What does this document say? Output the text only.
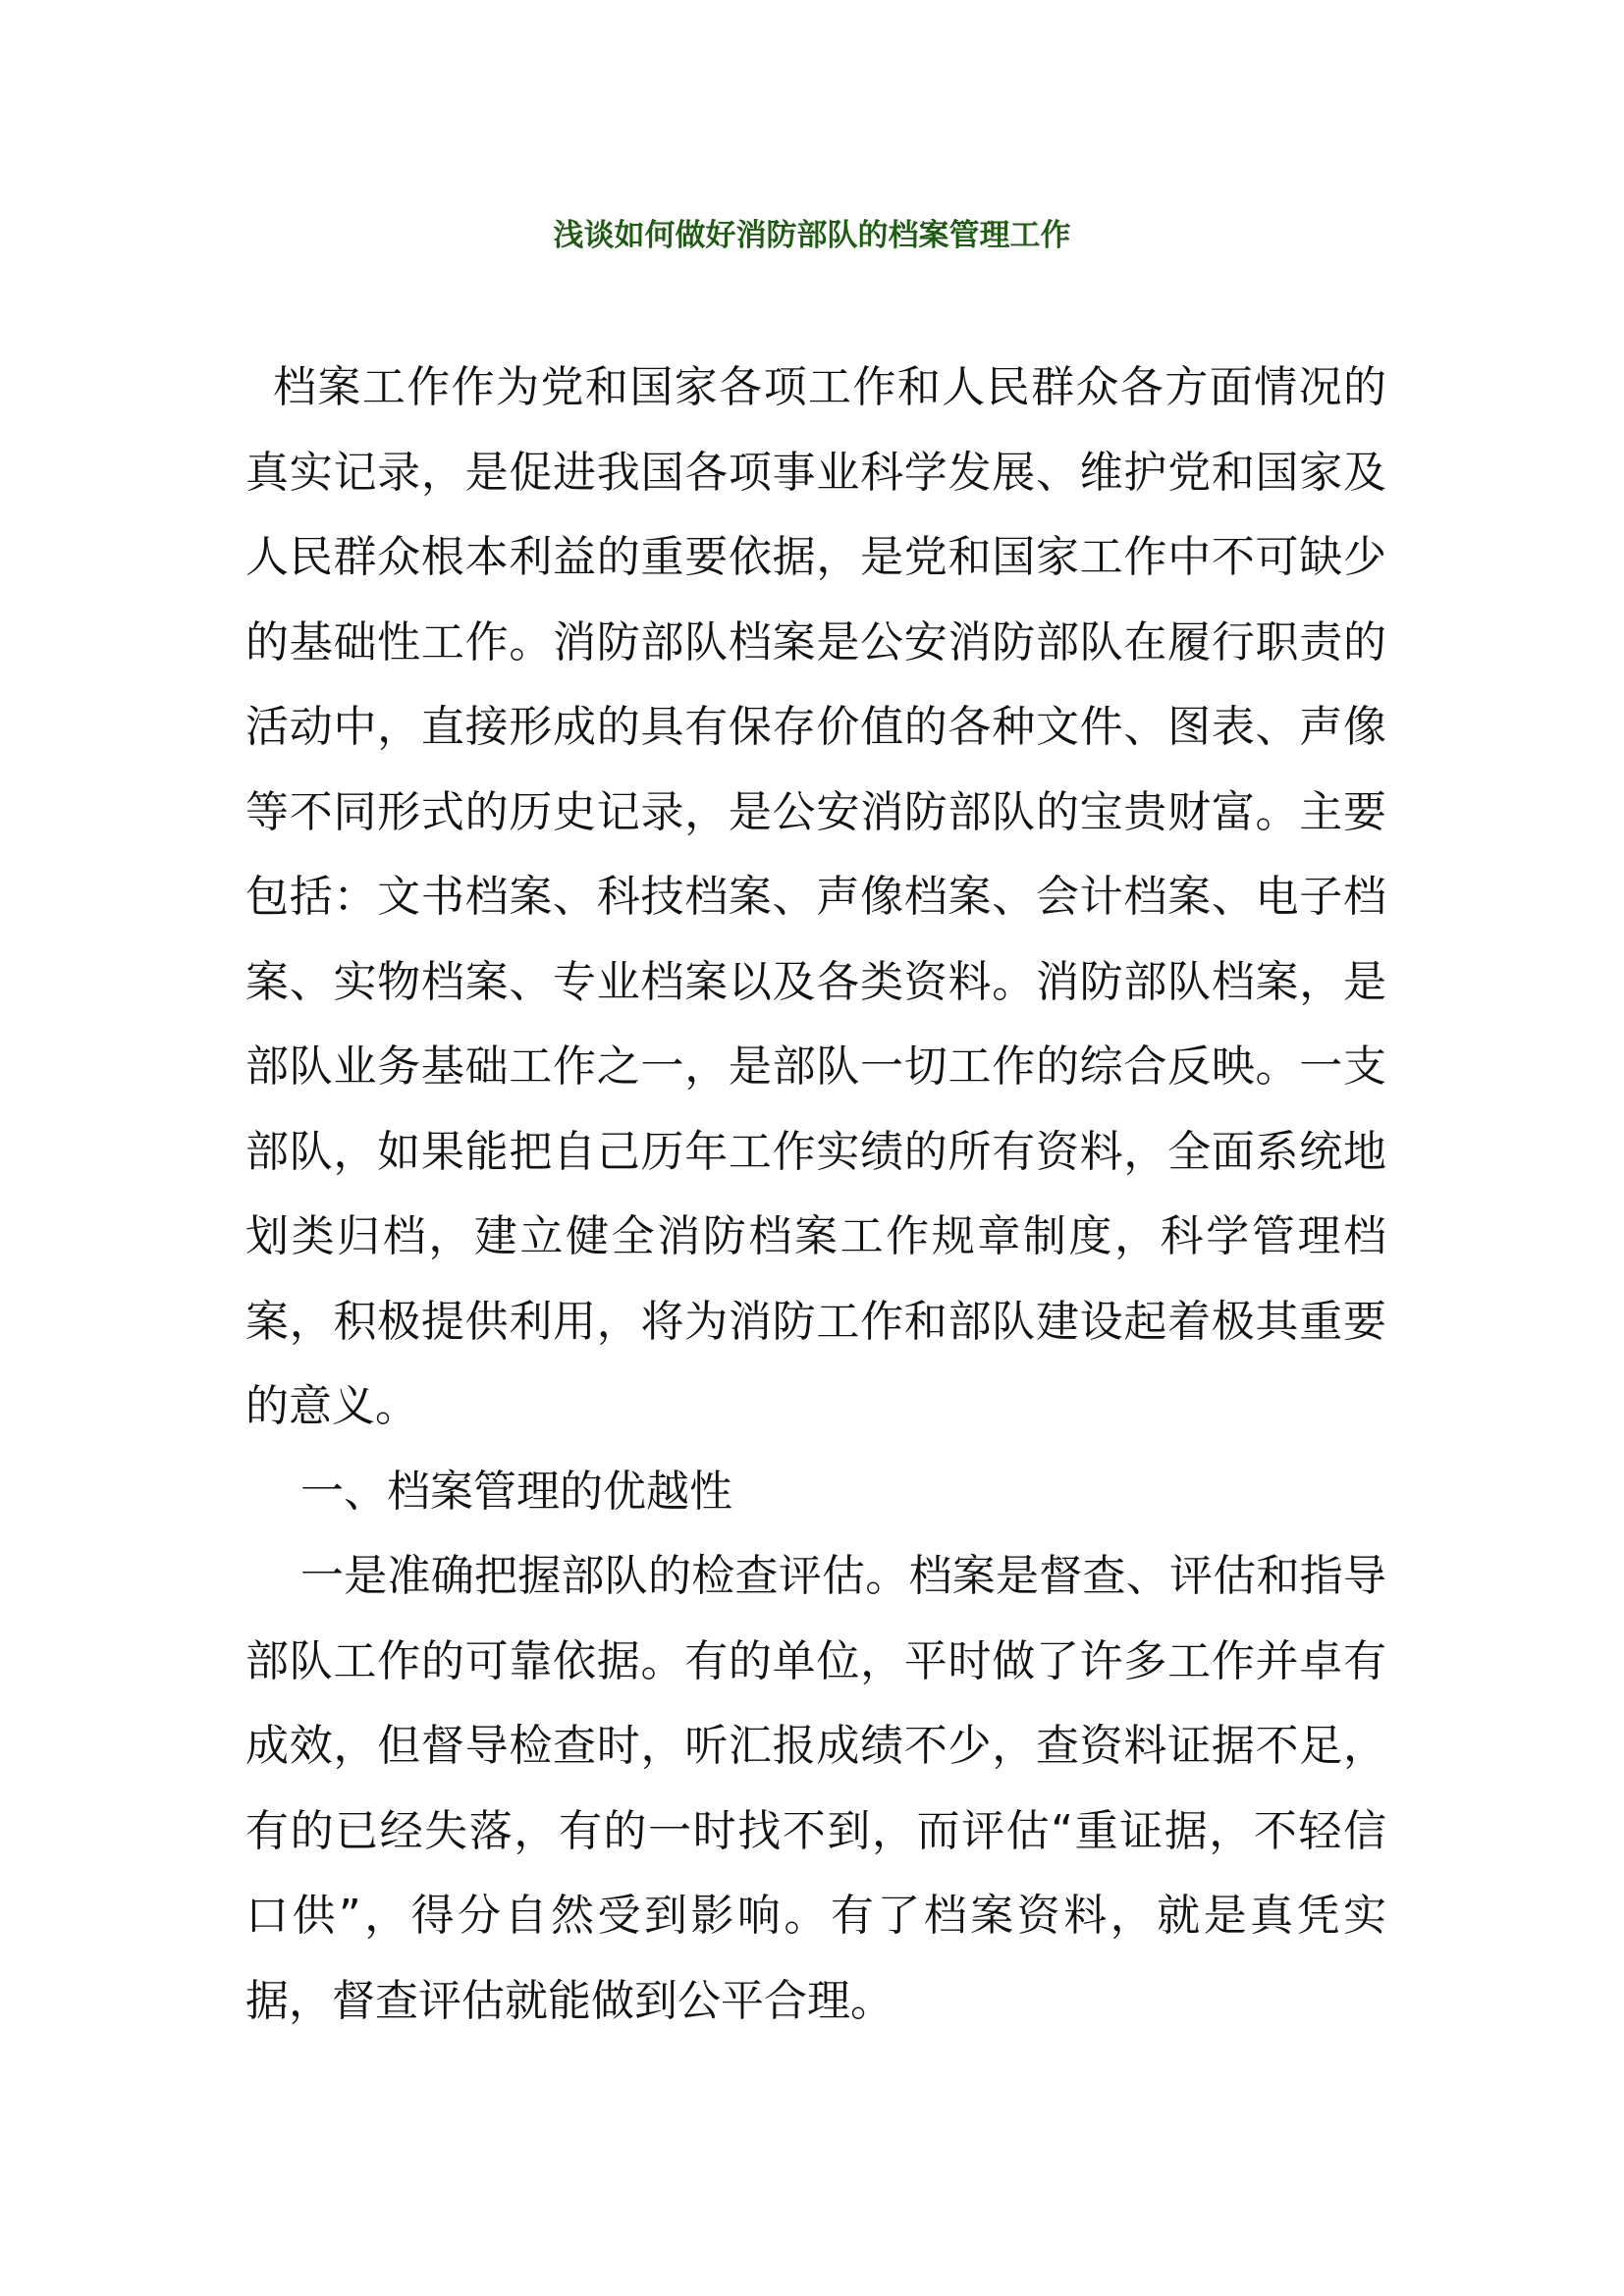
浅谈如何做好消防部队的档案管理工作

档案工作作为党和国家各项工作和人民群众各方面情况的真实记录，是促进我国各项事业科学发展、维护党和国家及人民群众根本利益的重要依据，是党和国家工作中不可缺少的基础性工作。消防部队档案是公安消防部队在履行职责的活动中，直接形成的具有保存价值的各种文件、图表、声像等不同形式的历史记录，是公安消防部队的宝贵财富。主要包括：文书档案、科技档案、声像档案、会计档案、电子档案、实物档案、专业档案以及各类资料。消防部队档案，是部队业务基础工作之一，是部队一切工作的综合反映。一支部队，如果能把自己历年工作实绩的所有资料，全面系统地划类归档，建立健全消防档案工作规章制度，科学管理档案，积极提供利用，将为消防工作和部队建设起着极其重要的意义。

一、档案管理的优越性

一是准确把握部队的检查评估。档案是督查、评估和指导部队工作的可靠依据。有的单位，平时做了许多工作并卓有成效，但督导检查时，听汇报成绩不少，查资料证据不足，有的已经失落，有的一时找不到，而评估“重证据，不轻信口供”，得分自然受到影响。有了档案资料，就是真凭实据，督查评估就能做到公平合理。
